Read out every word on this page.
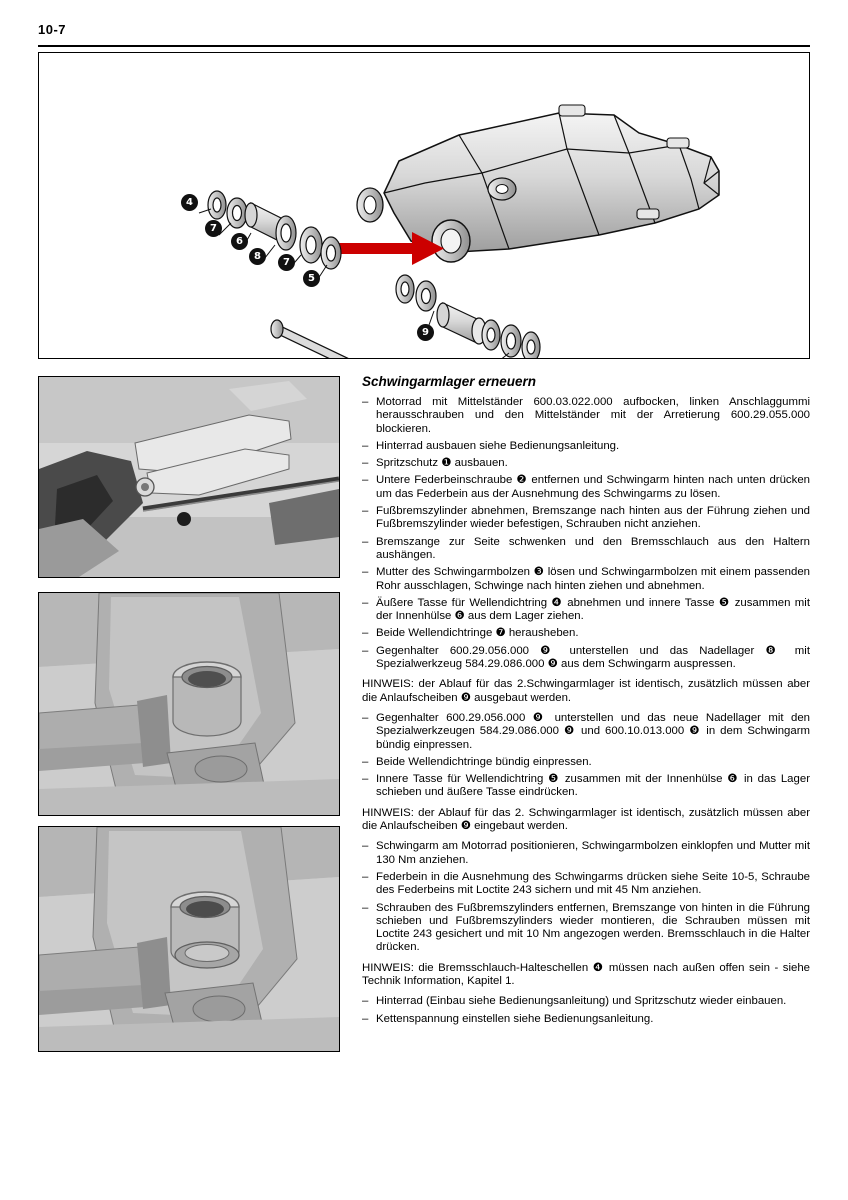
10-7
4
7
6
8
7
5
9
Schwingarmlager erneuern
– Motorrad mit Mittelständer 600.03.022.000 aufbocken, linken Anschlaggummi herausschrauben und den Mittelständer mit der Arretierung 600.29.055.000 blockieren.
– Hinterrad ausbauen siehe Bedienungsanleitung.
– Spritzschutz ❶ ausbauen.
– Untere Federbeinschraube ❷ entfernen und Schwingarm hinten nach unten drücken um das Federbein aus der Ausnehmung des Schwingarms zu lösen.
– Fußbremszylinder abnehmen, Bremszange nach hinten aus der Führung ziehen und Fußbremszylinder wieder befestigen, Schrauben nicht anziehen.
– Bremszange zur Seite schwenken und den Bremsschlauch aus den Haltern aushängen.
– Mutter des Schwingarmbolzen ❸ lösen und Schwingarmbolzen mit einem passenden Rohr ausschlagen, Schwinge nach hinten ziehen und abnehmen.
– Äußere Tasse für Wellendichtring ❹ abnehmen und innere Tasse ❺ zusammen mit der Innenhülse ❻ aus dem Lager ziehen.
– Beide Wellendichtringe ❼ herausheben.
– Gegenhalter 600.29.056.000 ❾ unterstellen und das Nadellager ❽ mit Spezialwerkzeug 584.29.086.000 ❾ aus dem Schwingarm auspressen.

HINWEIS: der Ablauf für das 2.Schwingarmlager ist identisch, zusätzlich müssen aber die Anlaufscheiben ❾ ausgebaut werden.

– Gegenhalter 600.29.056.000 ❾ unterstellen und das neue Nadellager mit den Spezialwerkzeugen 584.29.086.000 ❾ und 600.10.013.000 ❾ in dem Schwingarm bündig einpressen.
– Beide Wellendichtringe bündig einpressen.
– Innere Tasse für Wellendichtring ❺ zusammen mit der Innenhülse ❻ in das Lager schieben und äußere Tasse eindrücken.

HINWEIS: der Ablauf für das 2. Schwingarmlager ist identisch, zusätzlich müssen aber die Anlaufscheiben ❾ eingebaut werden.

– Schwingarm am Motorrad positionieren, Schwingarmbolzen einklopfen und Mutter mit 130 Nm anziehen.
– Federbein in die Ausnehmung des Schwingarms drücken siehe Seite 10-5, Schraube des Federbeins mit Loctite 243 sichern und mit 45 Nm anziehen.
– Schrauben des Fußbremszylinders entfernen, Bremszange von hinten in die Führung schieben und Fußbremszylinders wieder montieren, die Schrauben müssen mit Loctite 243 gesichert und mit 10 Nm angezogen werden. Bremsschlauch in die Halter drücken.

HINWEIS: die Bremsschlauch-Halteschellen ❹ müssen nach außen offen sein - siehe Technik Information, Kapitel 1.

– Hinterrad (Einbau siehe Bedienungsanleitung) und Spritzschutz wieder einbauen.
– Kettenspannung einstellen siehe Bedienungsanleitung.
